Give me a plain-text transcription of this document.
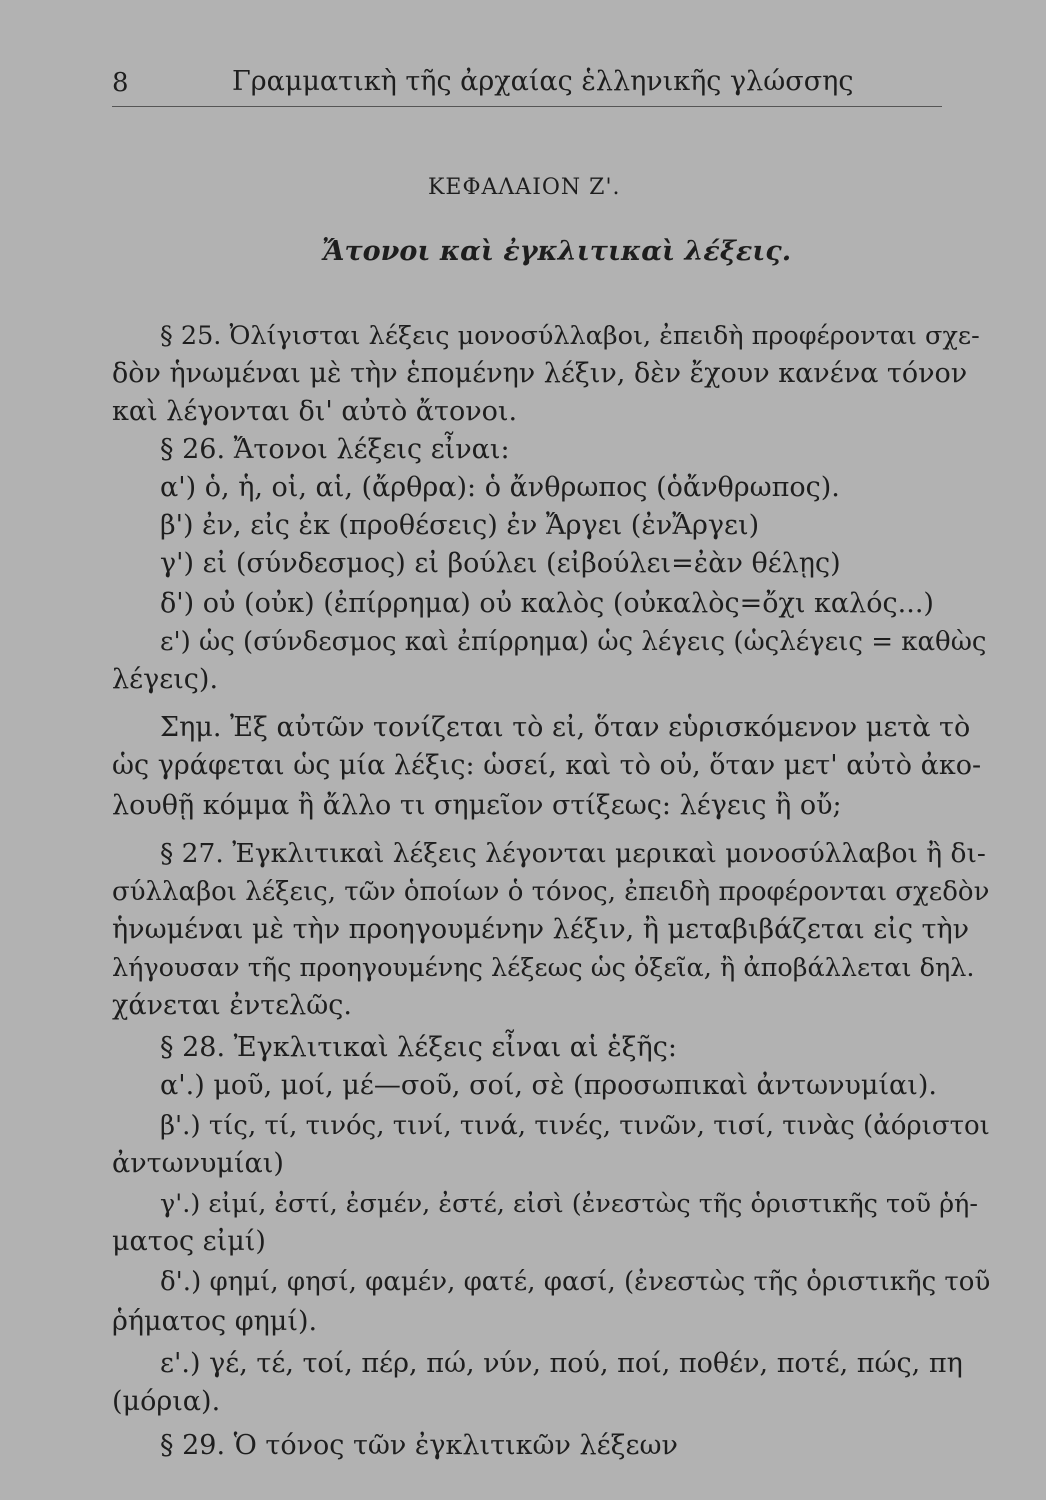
8	Γραμματικὴ τῆς ἀρχαίας ἑλληνικῆς γλώσσης
ΚΕΦΑΛΑΙΟΝ Ζ'.
Ἄτονοι καὶ ἐγκλιτικαὶ λέξεις.
§ 25. Ὀλίγισται λέξεις μονοσύλλαβοι, ἐπειδὴ προφέρονται σχε-
δὸν ἡνωμέναι μὲ τὴν ἑπομένην λέξιν, δὲν ἔχουν κανένα τόνον
καὶ λέγονται δι' αὐτὸ ἄτονοι.
§ 26. Ἄτονοι λέξεις εἶναι:
α') ὁ, ἡ, οἱ, αἱ, (ἄρθρα): ὁ ἄνθρωπος (ὁἄνθρωπος).
β') ἐν, εἰς ἐκ (προθέσεις) ἐν Ἄργει (ἐνἌργει)
γ') εἰ (σύνδεσμος) εἰ βούλει (εἰβούλει=ἐὰν θέλῃς)
δ') οὐ (οὐκ) (ἐπίρρημα) οὐ καλὸς (οὐκαλὸς=ὄχι καλός...)
ε') ὡς (σύνδεσμος καὶ ἐπίρρημα) ὡς λέγεις (ὡςλέγεις = καθὼς
λέγεις).
Σημ. Ἐξ αὐτῶν τονίζεται τὸ εἰ, ὅταν εὑρισκόμενον μετὰ τὸ
ὡς γράφεται ὡς μία λέξις: ὡσεί, καὶ τὸ οὐ, ὅταν μετ' αὐτὸ ἀκο-
λουθῇ κόμμα ἢ ἄλλο τι σημεῖον στίξεως: λέγεις ἢ οὔ;
§ 27. Ἐγκλιτικαὶ λέξεις λέγονται μερικαὶ μονοσύλλαβοι ἢ δι-
σύλλαβοι λέξεις, τῶν ὁποίων ὁ τόνος, ἐπειδὴ προφέρονται σχεδὸν
ἡνωμέναι μὲ τὴν προηγουμένην λέξιν, ἢ μεταβιβάζεται εἰς τὴν
λήγουσαν τῆς προηγουμένης λέξεως ὡς ὀξεῖα, ἢ ἀποβάλλεται δηλ.
χάνεται ἐντελῶς.
§ 28. Ἐγκλιτικαὶ λέξεις εἶναι αἱ ἑξῆς:
α'.) μοῦ, μοί, μέ—σοῦ, σοί, σὲ (προσωπικαὶ ἀντωνυμίαι).
β'.) τίς, τί, τινός, τινί, τινά, τινές, τινῶν, τισί, τινὰς (ἀόριστοι
ἀντωνυμίαι)
γ'.) εἰμί, ἐστί, ἐσμέν, ἐστέ, εἰσὶ (ἐνεστὼς τῆς ὁριστικῆς τοῦ ῥή-
ματος εἰμί)
δ'.) φημί, φησί, φαμέν, φατέ, φασί, (ἐνεστὼς τῆς ὁριστικῆς τοῦ
ῥήματος φημί).
ε'.) γέ, τέ, τοί, πέρ, πώ, νύν, πού, ποί, ποθέν, ποτέ, πώς, πη
(μόρια).
§ 29. Ὁ τόνος τῶν ἐγκλιτικῶν λέξεων
